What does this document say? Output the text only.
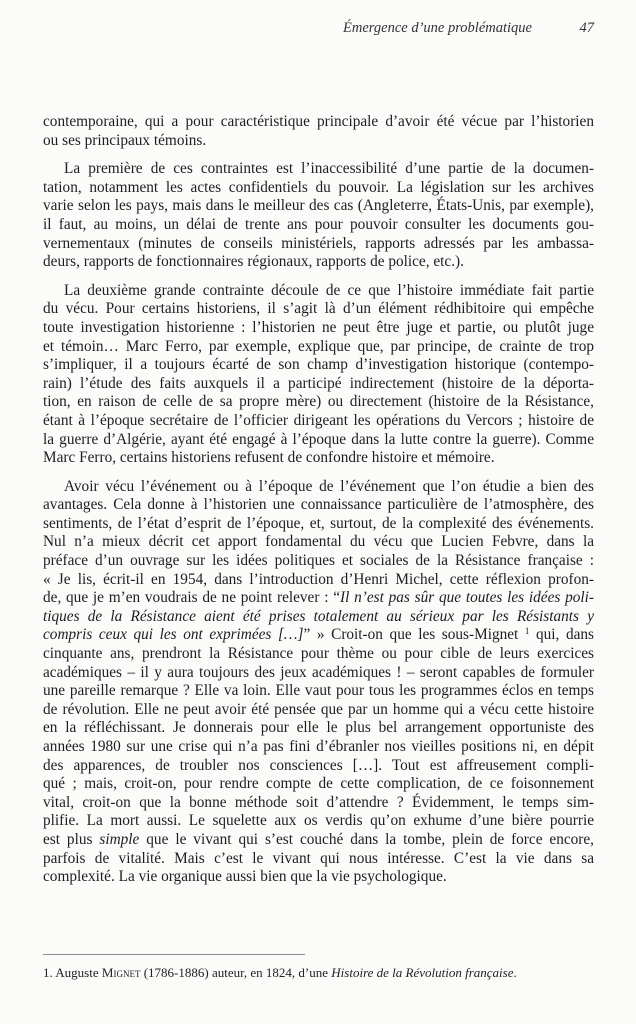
Émergence d’une problématique	47
contemporaine, qui a pour caractéristique principale d’avoir été vécue par l’historien
ou ses principaux témoins.
La première de ces contraintes est l’inaccessibilité d’une partie de la documen-
tation, notamment les actes confidentiels du pouvoir. La législation sur les archives
varie selon les pays, mais dans le meilleur des cas (Angleterre, États-Unis, par exemple),
il faut, au moins, un délai de trente ans pour pouvoir consulter les documents gou-
vernementaux (minutes de conseils ministériels, rapports adressés par les ambassa-
deurs, rapports de fonctionnaires régionaux, rapports de police, etc.).
La deuxième grande contrainte découle de ce que l’histoire immédiate fait partie
du vécu. Pour certains historiens, il s’agit là d’un élément rédhibitoire qui empêche
toute investigation historienne : l’historien ne peut être juge et partie, ou plutôt juge
et témoin… Marc Ferro, par exemple, explique que, par principe, de crainte de trop
s’impliquer, il a toujours écarté de son champ d’investigation historique (contempo-
rain) l’étude des faits auxquels il a participé indirectement (histoire de la déporta-
tion, en raison de celle de sa propre mère) ou directement (histoire de la Résistance,
étant à l’époque secrétaire de l’officier dirigeant les opérations du Vercors ; histoire de
la guerre d’Algérie, ayant été engagé à l’époque dans la lutte contre la guerre). Comme
Marc Ferro, certains historiens refusent de confondre histoire et mémoire.
Avoir vécu l’événement ou à l’époque de l’événement que l’on étudie a bien des
avantages. Cela donne à l’historien une connaissance particulière de l’atmosphère, des
sentiments, de l’état d’esprit de l’époque, et, surtout, de la complexité des événements.
Nul n’a mieux décrit cet apport fondamental du vécu que Lucien Febvre, dans la
préface d’un ouvrage sur les idées politiques et sociales de la Résistance française :
« Je lis, écrit-il en 1954, dans l’introduction d’Henri Michel, cette réflexion profon-
de, que je m’en voudrais de ne point relever : “Il n’est pas sûr que toutes les idées poli-
tiques de la Résistance aient été prises totalement au sérieux par les Résistants y
compris ceux qui les ont exprimées […]” » Croit-on que les sous-Mignet $^1$ qui, dans
cinquante ans, prendront la Résistance pour thème ou pour cible de leurs exercices
académiques – il y aura toujours des jeux académiques ! – seront capables de formuler
une pareille remarque ? Elle va loin. Elle vaut pour tous les programmes éclos en temps
de révolution. Elle ne peut avoir été pensée que par un homme qui a vécu cette histoire
en la réfléchissant. Je donnerais pour elle le plus bel arrangement opportuniste des
années 1980 sur une crise qui n’a pas fini d’ébranler nos vieilles positions ni, en dépit
des apparences, de troubler nos consciences […]. Tout est affreusement compli-
qué ; mais, croit-on, pour rendre compte de cette complication, de ce foisonnement
vital, croit-on que la bonne méthode soit d’attendre ? Évidemment, le temps sim-
plifie. La mort aussi. Le squelette aux os verdis qu’on exhume d’une bière pourrie
est plus simple que le vivant qui s’est couché dans la tombe, plein de force encore,
parfois de vitalité. Mais c’est le vivant qui nous intéresse. C’est la vie dans sa
complexité. La vie organique aussi bien que la vie psychologique.
1. Auguste Mignet (1786-1886) auteur, en 1824, d’une Histoire de la Révolution française.
